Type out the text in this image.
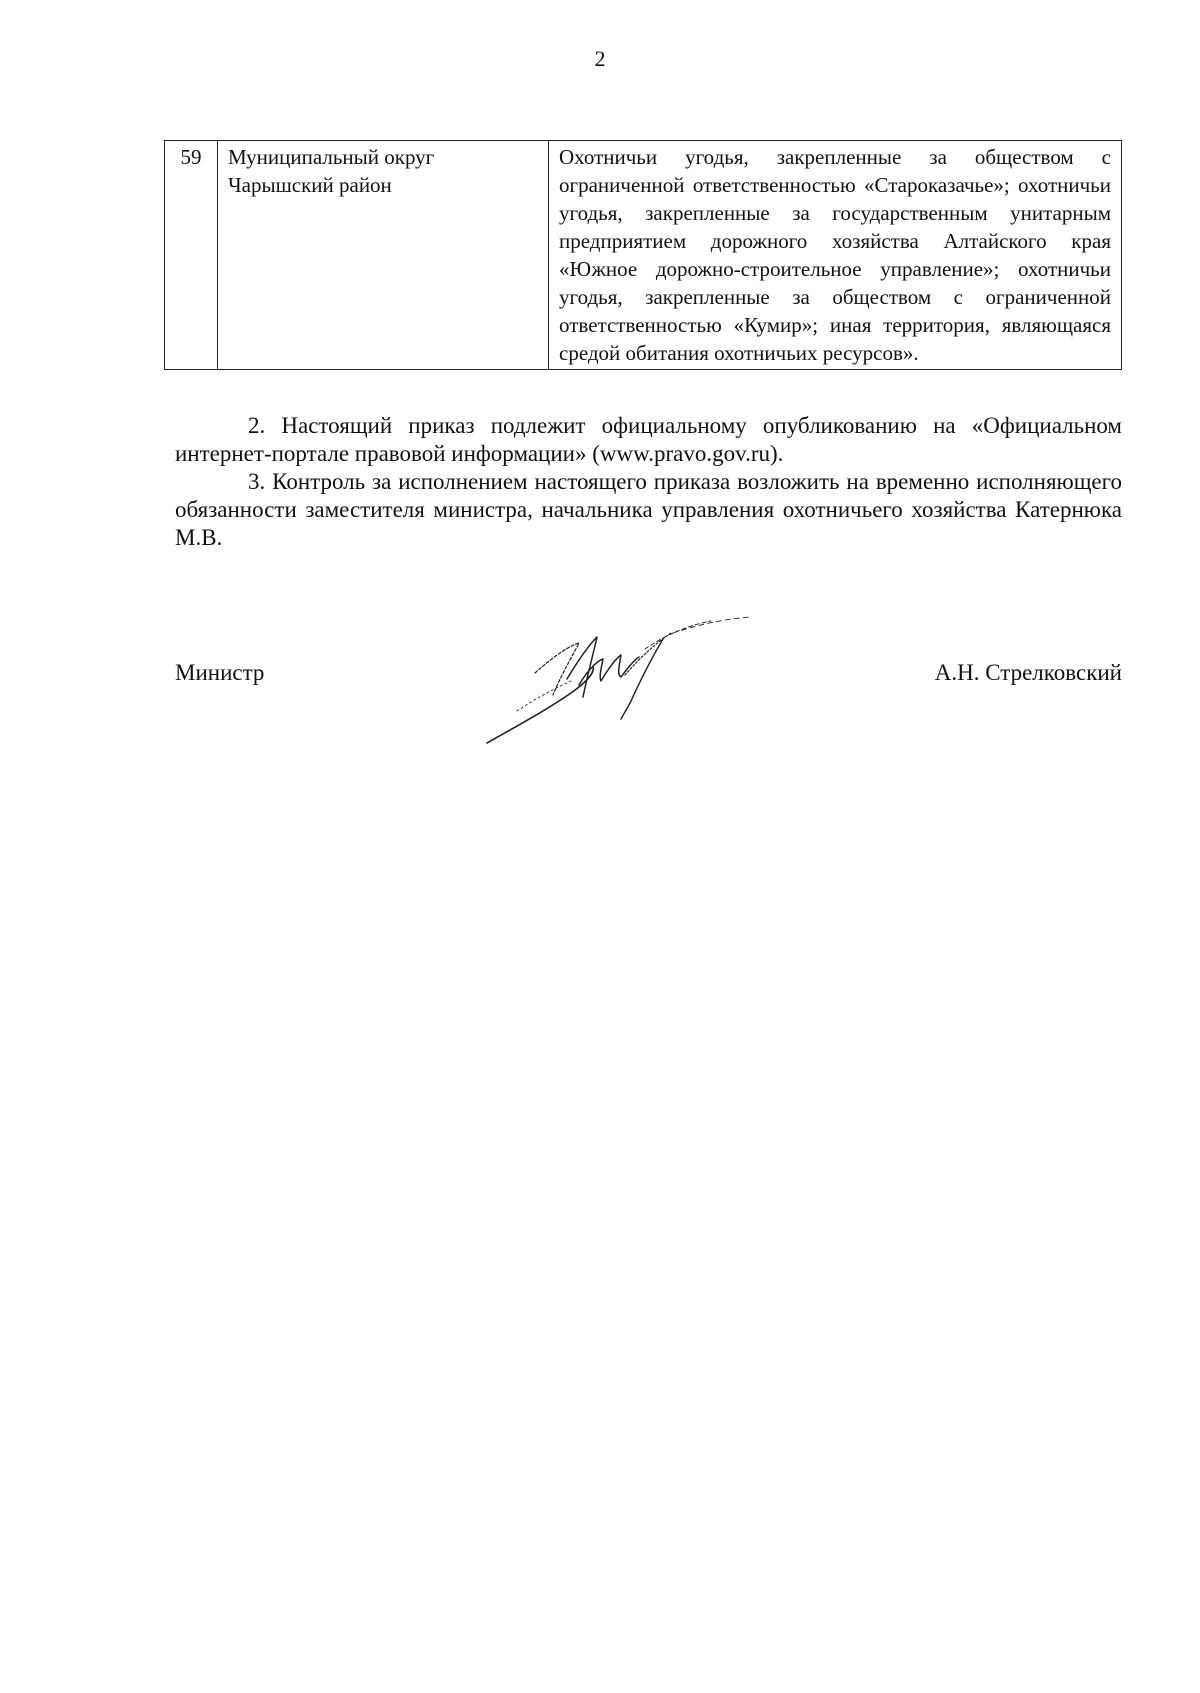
2
59	Муниципальный округ Чарышский район	Охотничьи угодья, закрепленные за обществом с ограниченной ответственностью «Староказачье»; охотничьи угодья, закрепленные за государственным унитарным предприятием дорожного хозяйства Алтайского края «Южное дорожно-строительное управление»; охотничьи угодья, закрепленные за обществом с ограниченной ответственностью «Кумир»; иная территория, являющаяся средой обитания охотничьих ресурсов».

2. Настоящий приказ подлежит официальному опубликованию на «Официальном интернет-портале правовой информации» (www.pravo.gov.ru).

3. Контроль за исполнением настоящего приказа возложить на временно исполняющего обязанности заместителя министра, начальника управления охотничьего хозяйства Катернюка М.В.

Министр	А.Н. Стрелковский
